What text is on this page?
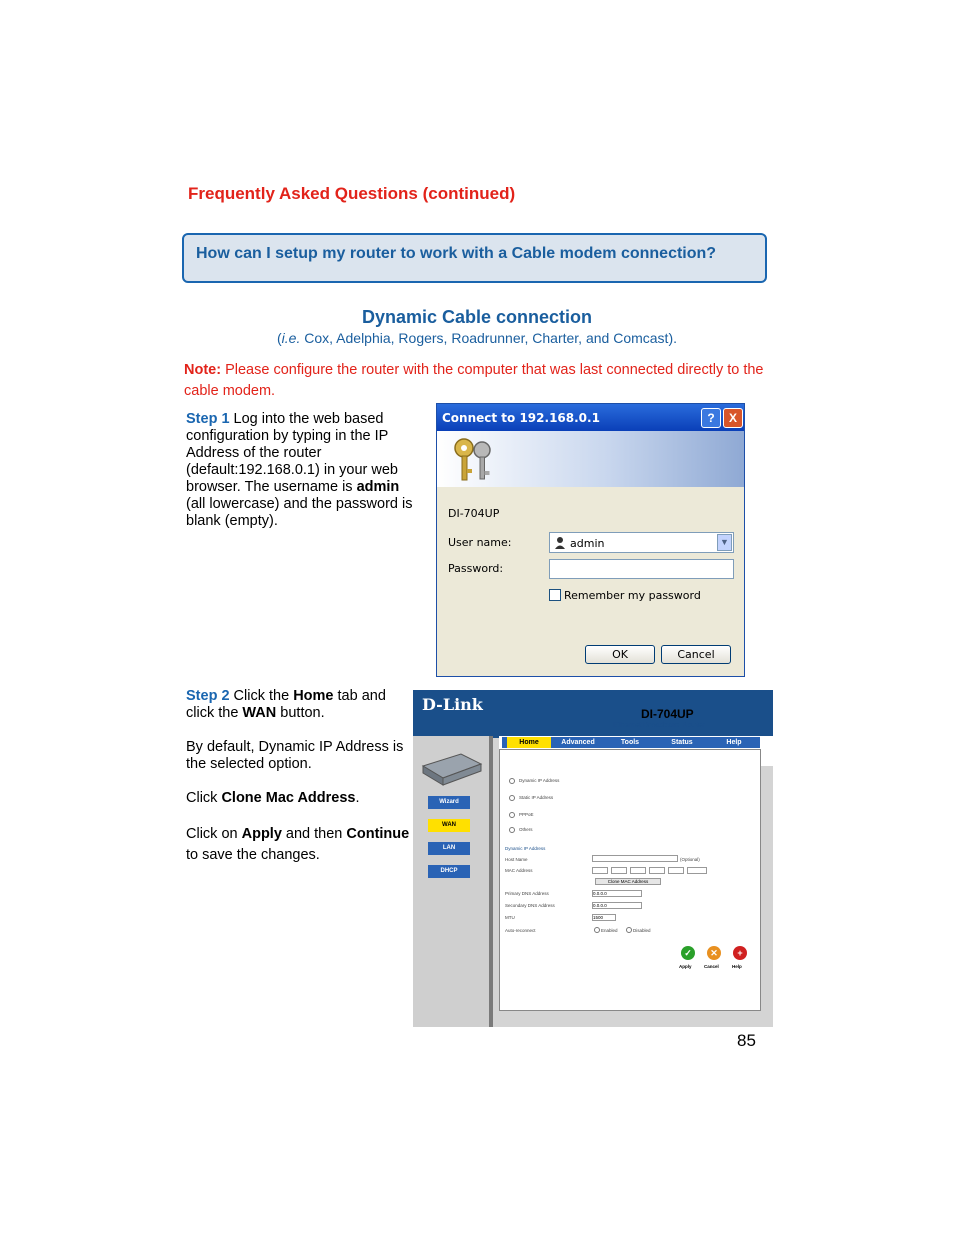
Frequently Asked Questions (continued)
How can I setup my router to work with a Cable modem connection?
Dynamic Cable connection
(i.e. Cox, Adelphia, Rogers, Roadrunner, Charter, and Comcast).
Note: Please configure the router with the computer that was last connected directly to the cable modem.
Step 1 Log into the web based configuration by typing in the IP Address of the router (default:192.168.0.1) in your web browser. The username is admin (all lowercase) and the password is blank (empty).
Step 2 Click the Home tab and click the WAN button.
By default, Dynamic IP Address is the selected option.
Click Clone Mac Address.
Click on Apply and then Continue to save the changes.
Connect to 192.168.0.1	?	X
DI-704UP
User name:	admin	▼
Password:
Remember my password
OK	Cancel
D-Link	DI-704UP
Ethernet Broadband Router
Wizard
WAN
LAN
DHCP
Home	Advanced	Tools	Status	Help
Dynamic IP Address
Static IP Address
PPPoE
Others
Dynamic IP Address
Host Name	(Optional)
MAC Address
Clone MAC Address
Primary DNS Address	0.0.0.0
Secondary DNS Address	0.0.0.0
MTU	1500
Auto-reconnect	Enabled	Disabled
✓	✕	+
Apply	Cancel	Help
85
